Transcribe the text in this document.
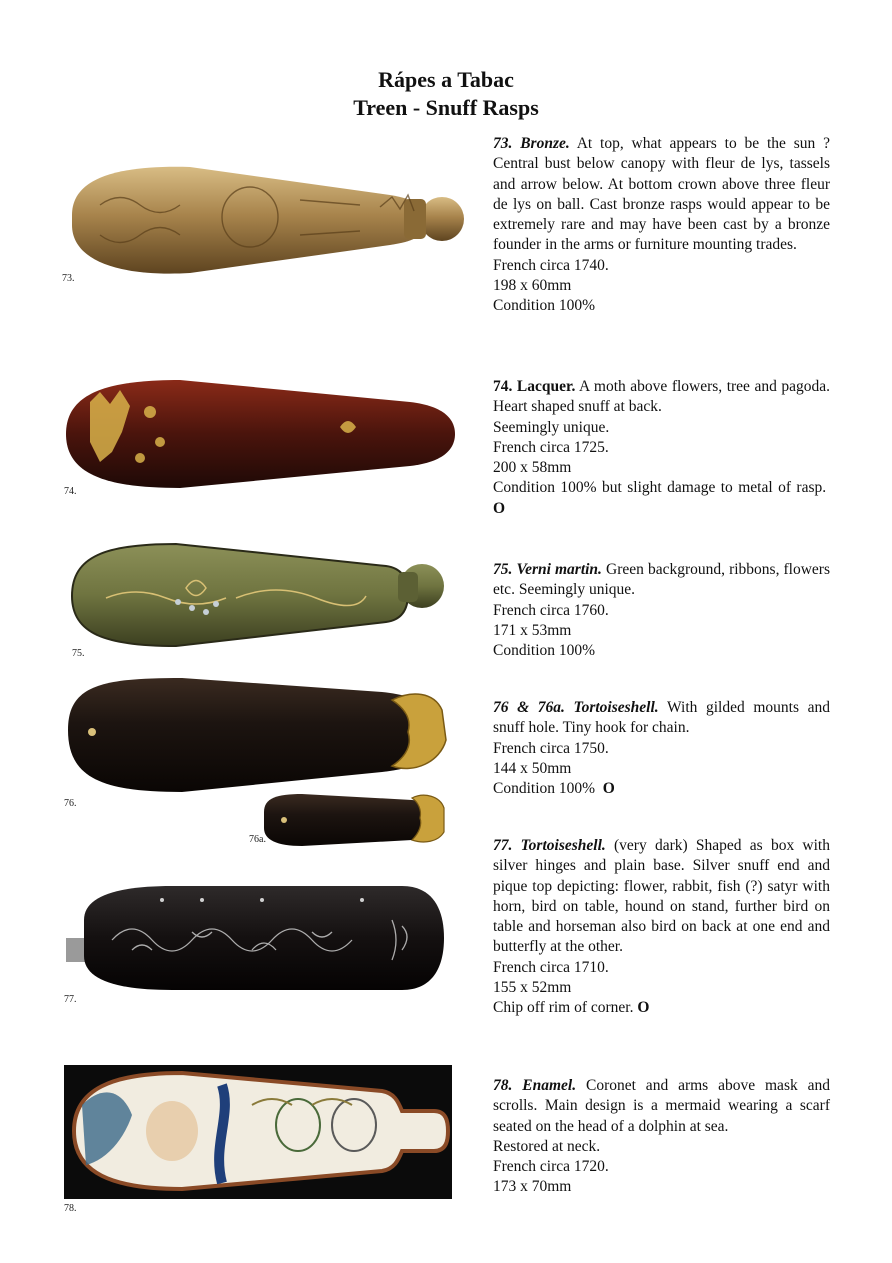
Rápes a Tabac
Treen - Snuff Rasps
73.
74.
75.
76.
76a.
77.
78.

73. Bronze. At top, what appears to be the sun ? Central bust below canopy with fleur de lys, tassels and arrow below. At bottom crown above three fleur de lys on ball. Cast bronze rasps would appear to be extremely rare and may have been cast by a bronze founder in the arms or furniture mounting trades.

French circa 1740.

198 x 60mm

Condition 100%

74. Lacquer. A moth above flowers, tree and pagoda. Heart shaped snuff at back.

Seemingly unique.

French circa 1725.

200 x 58mm

Condition 100% but slight damage to metal of rasp.  O

75. Verni martin. Green background, ribbons, flowers etc. Seemingly unique.

French circa 1760.

171 x 53mm

Condition 100%

76 & 76a. Tortoiseshell. With gilded mounts and snuff hole. Tiny hook for chain.

French circa 1750.

144 x 50mm

Condition 100% O

77. Tortoiseshell. (very dark) Shaped as box with silver hinges and plain base. Silver snuff end and pique top depicting: flower, rabbit, fish (?) satyr with horn, bird on table, hound on stand, further bird on table and horseman also bird on back at one end and butterfly at the other.

French circa 1710.

155 x 52mm

Chip off rim of corner. O

78. Enamel. Coronet and arms above mask and scrolls. Main design is a mermaid wearing a scarf seated on the head of a dolphin at sea.

Restored at neck.

French circa 1720.

173 x 70mm
